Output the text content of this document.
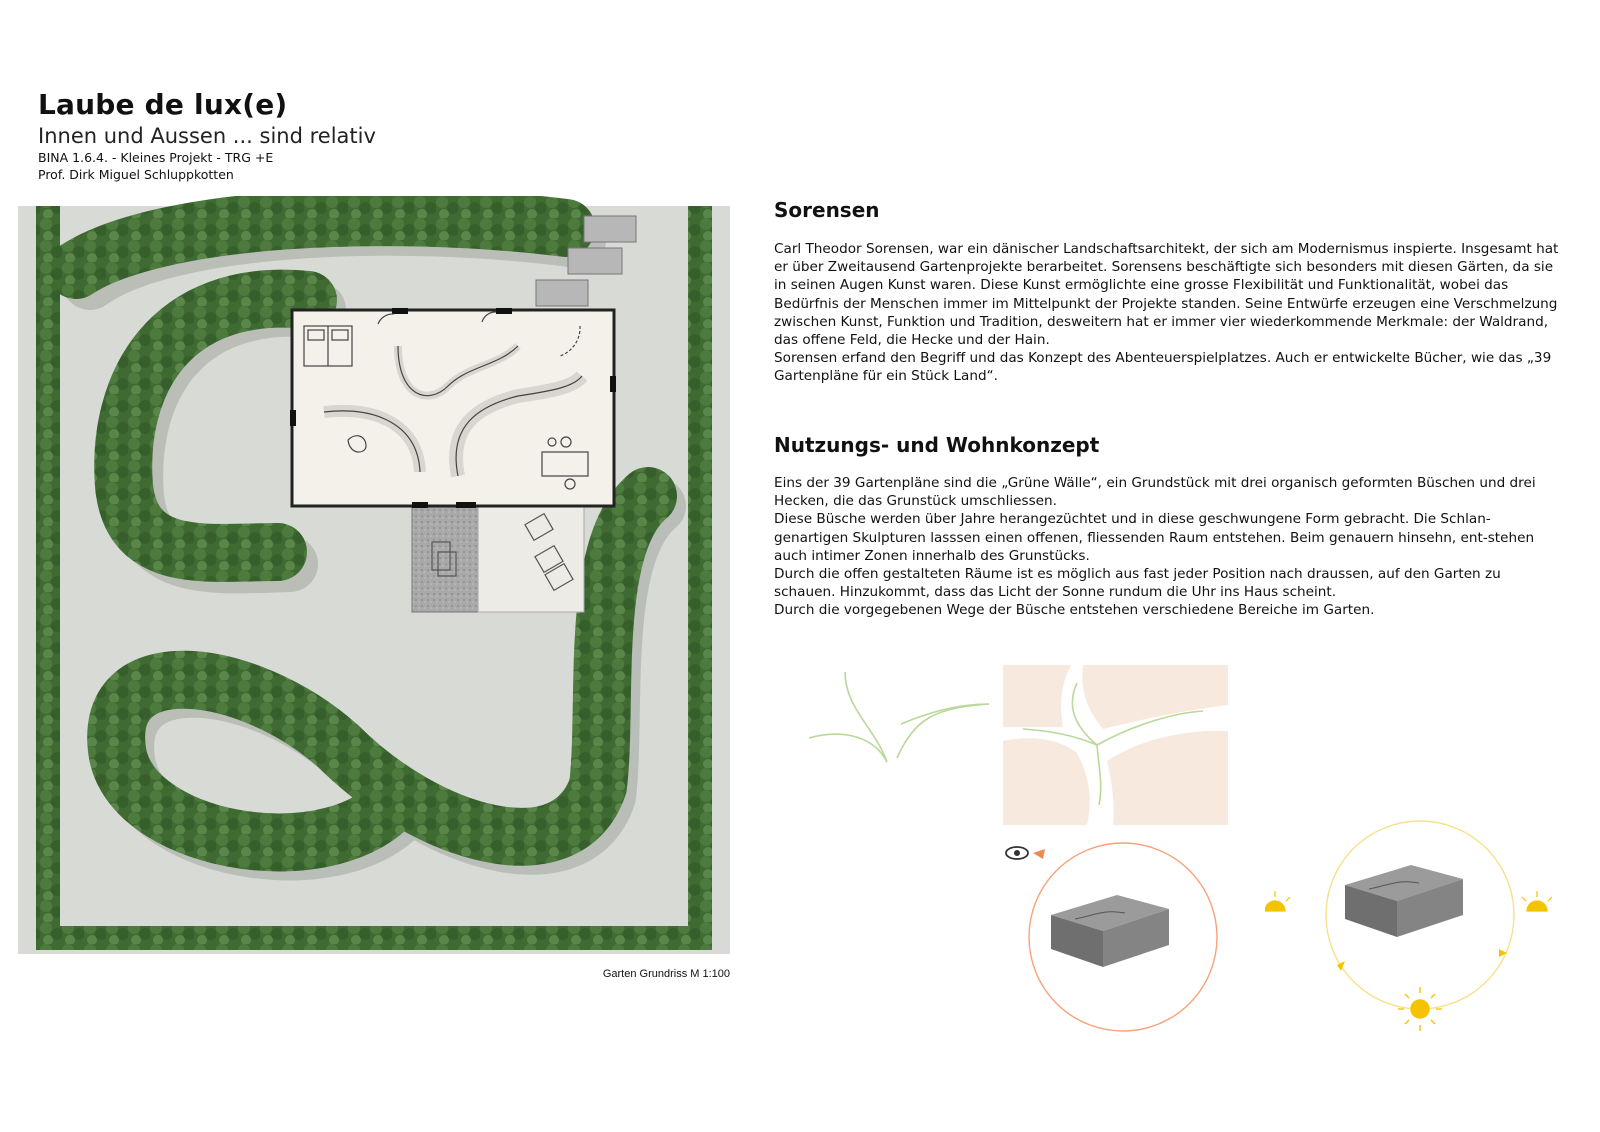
Laube de lux(e)
Innen und Aussen ... sind relativ
BINA 1.6.4. - Kleines Projekt - TRG +E
Prof. Dirk Miguel Schluppkotten
Garten Grundriss M 1:100
Sorensen

Carl Theodor Sorensen, war ein dänischer Landschaftsarchitekt, der sich am Modernismus inspierte. Insgesamt hat er über Zweitausend Gartenprojekte berarbeitet. Sorensens beschäftigte sich besonders mit diesen Gärten, da sie in seinen Augen Kunst waren. Diese Kunst ermöglichte eine grosse Flexibilität und Funktionalität, wobei das Bedürfnis der Menschen immer im Mittelpunkt der Projekte standen. Seine Entwürfe erzeugen eine Verschmelzung zwischen Kunst, Funktion und Tradition, desweitern hat er immer vier wiederkommende Merkmale: der Waldrand, das offene Feld, die Hecke und der Hain.

Sorensen erfand den Begriff und das Konzept des Abenteuerspielplatzes. Auch er entwickelte Bücher, wie das „39 Gartenpläne für ein Stück Land“.

Nutzungs- und Wohnkonzept

Eins der 39 Gartenpläne sind die „Grüne Wälle“, ein Grundstück mit drei organisch geformten Büschen und drei Hecken, die das Grunstück umschliessen.

Diese Büsche werden über Jahre herangezüchtet und in diese geschwungene Form gebracht. Die Schlan-genartigen Skulpturen lasssen einen offenen, fliessenden Raum entstehen. Beim genauern hinsehn, ent-stehen auch intimer Zonen innerhalb des Grunstücks.

Durch die offen gestalteten Räume ist es möglich aus fast jeder Position nach draussen, auf den Garten zu schauen. Hinzukommt, dass das Licht der Sonne rundum die Uhr ins Haus scheint.

Durch die vorgegebenen Wege der Büsche entstehen verschiedene Bereiche im Garten.
